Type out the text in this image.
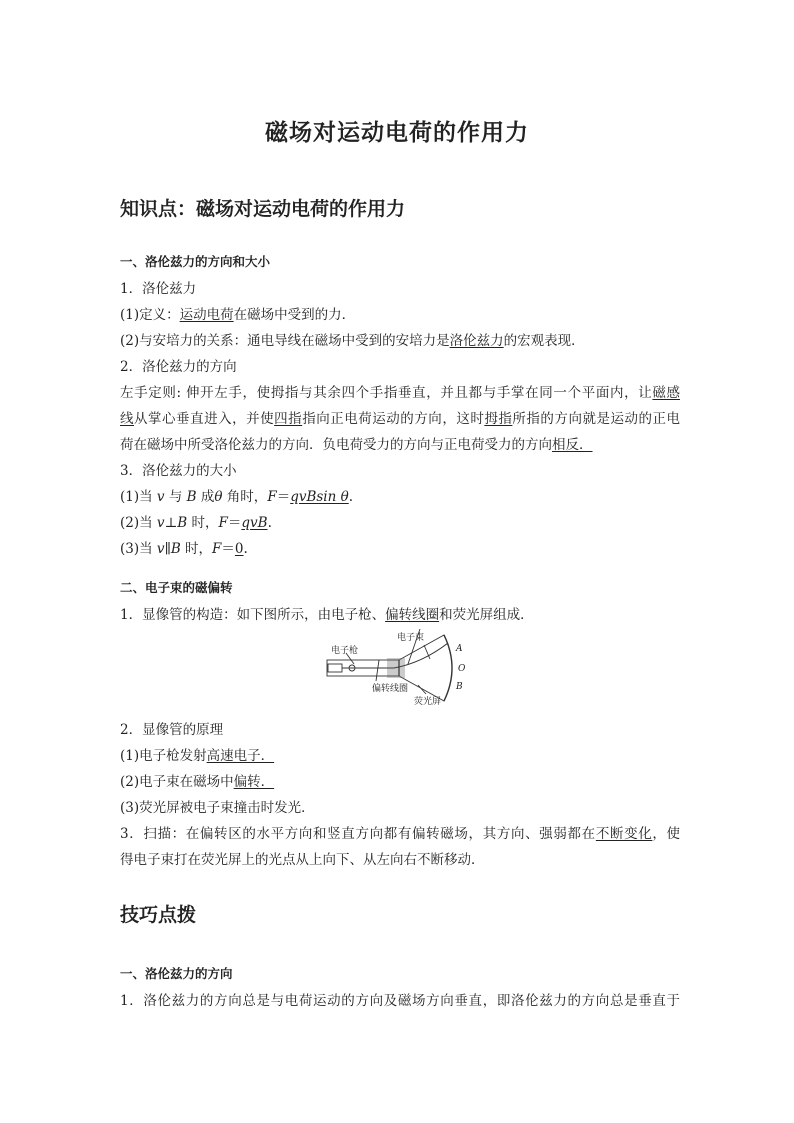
磁场对运动电荷的作用力
知识点：磁场对运动电荷的作用力
一、洛伦兹力的方向和大小
1．洛伦兹力
(1)定义：运动电荷在磁场中受到的力．
(2)与安培力的关系：通电导线在磁场中受到的安培力是洛伦兹力的宏观表现．
2．洛伦兹力的方向
左手定则: 伸开左手，使拇指与其余四个手指垂直，并且都与手掌在同一个平面内，让磁感
线从掌心垂直进入，并使四指指向正电荷运动的方向，这时拇指所指的方向就是运动的正电
荷在磁场中所受洛伦兹力的方向．负电荷受力的方向与正电荷受力的方向相反．
3．洛伦兹力的大小
(1)当 v 与 B 成θ 角时，F＝qvBsin θ.
(2)当 v⊥B 时，F＝qvB.
(3)当 v∥B 时，F＝0.
二、电子束的磁偏转
1．显像管的构造：如下图所示，由电子枪、偏转线圈和荧光屏组成．
电子枪
电子束
偏转线圈
荧光屏
A
O
B
2．显像管的原理
(1)电子枪发射高速电子．
(2)电子束在磁场中偏转．
(3)荧光屏被电子束撞击时发光．
3．扫描：在偏转区的水平方向和竖直方向都有偏转磁场，其方向、强弱都在不断变化，使
得电子束打在荧光屏上的光点从上向下、从左向右不断移动．
技巧点拨
一、洛伦兹力的方向
1．洛伦兹力的方向总是与电荷运动的方向及磁场方向垂直，即洛伦兹力的方向总是垂直于
